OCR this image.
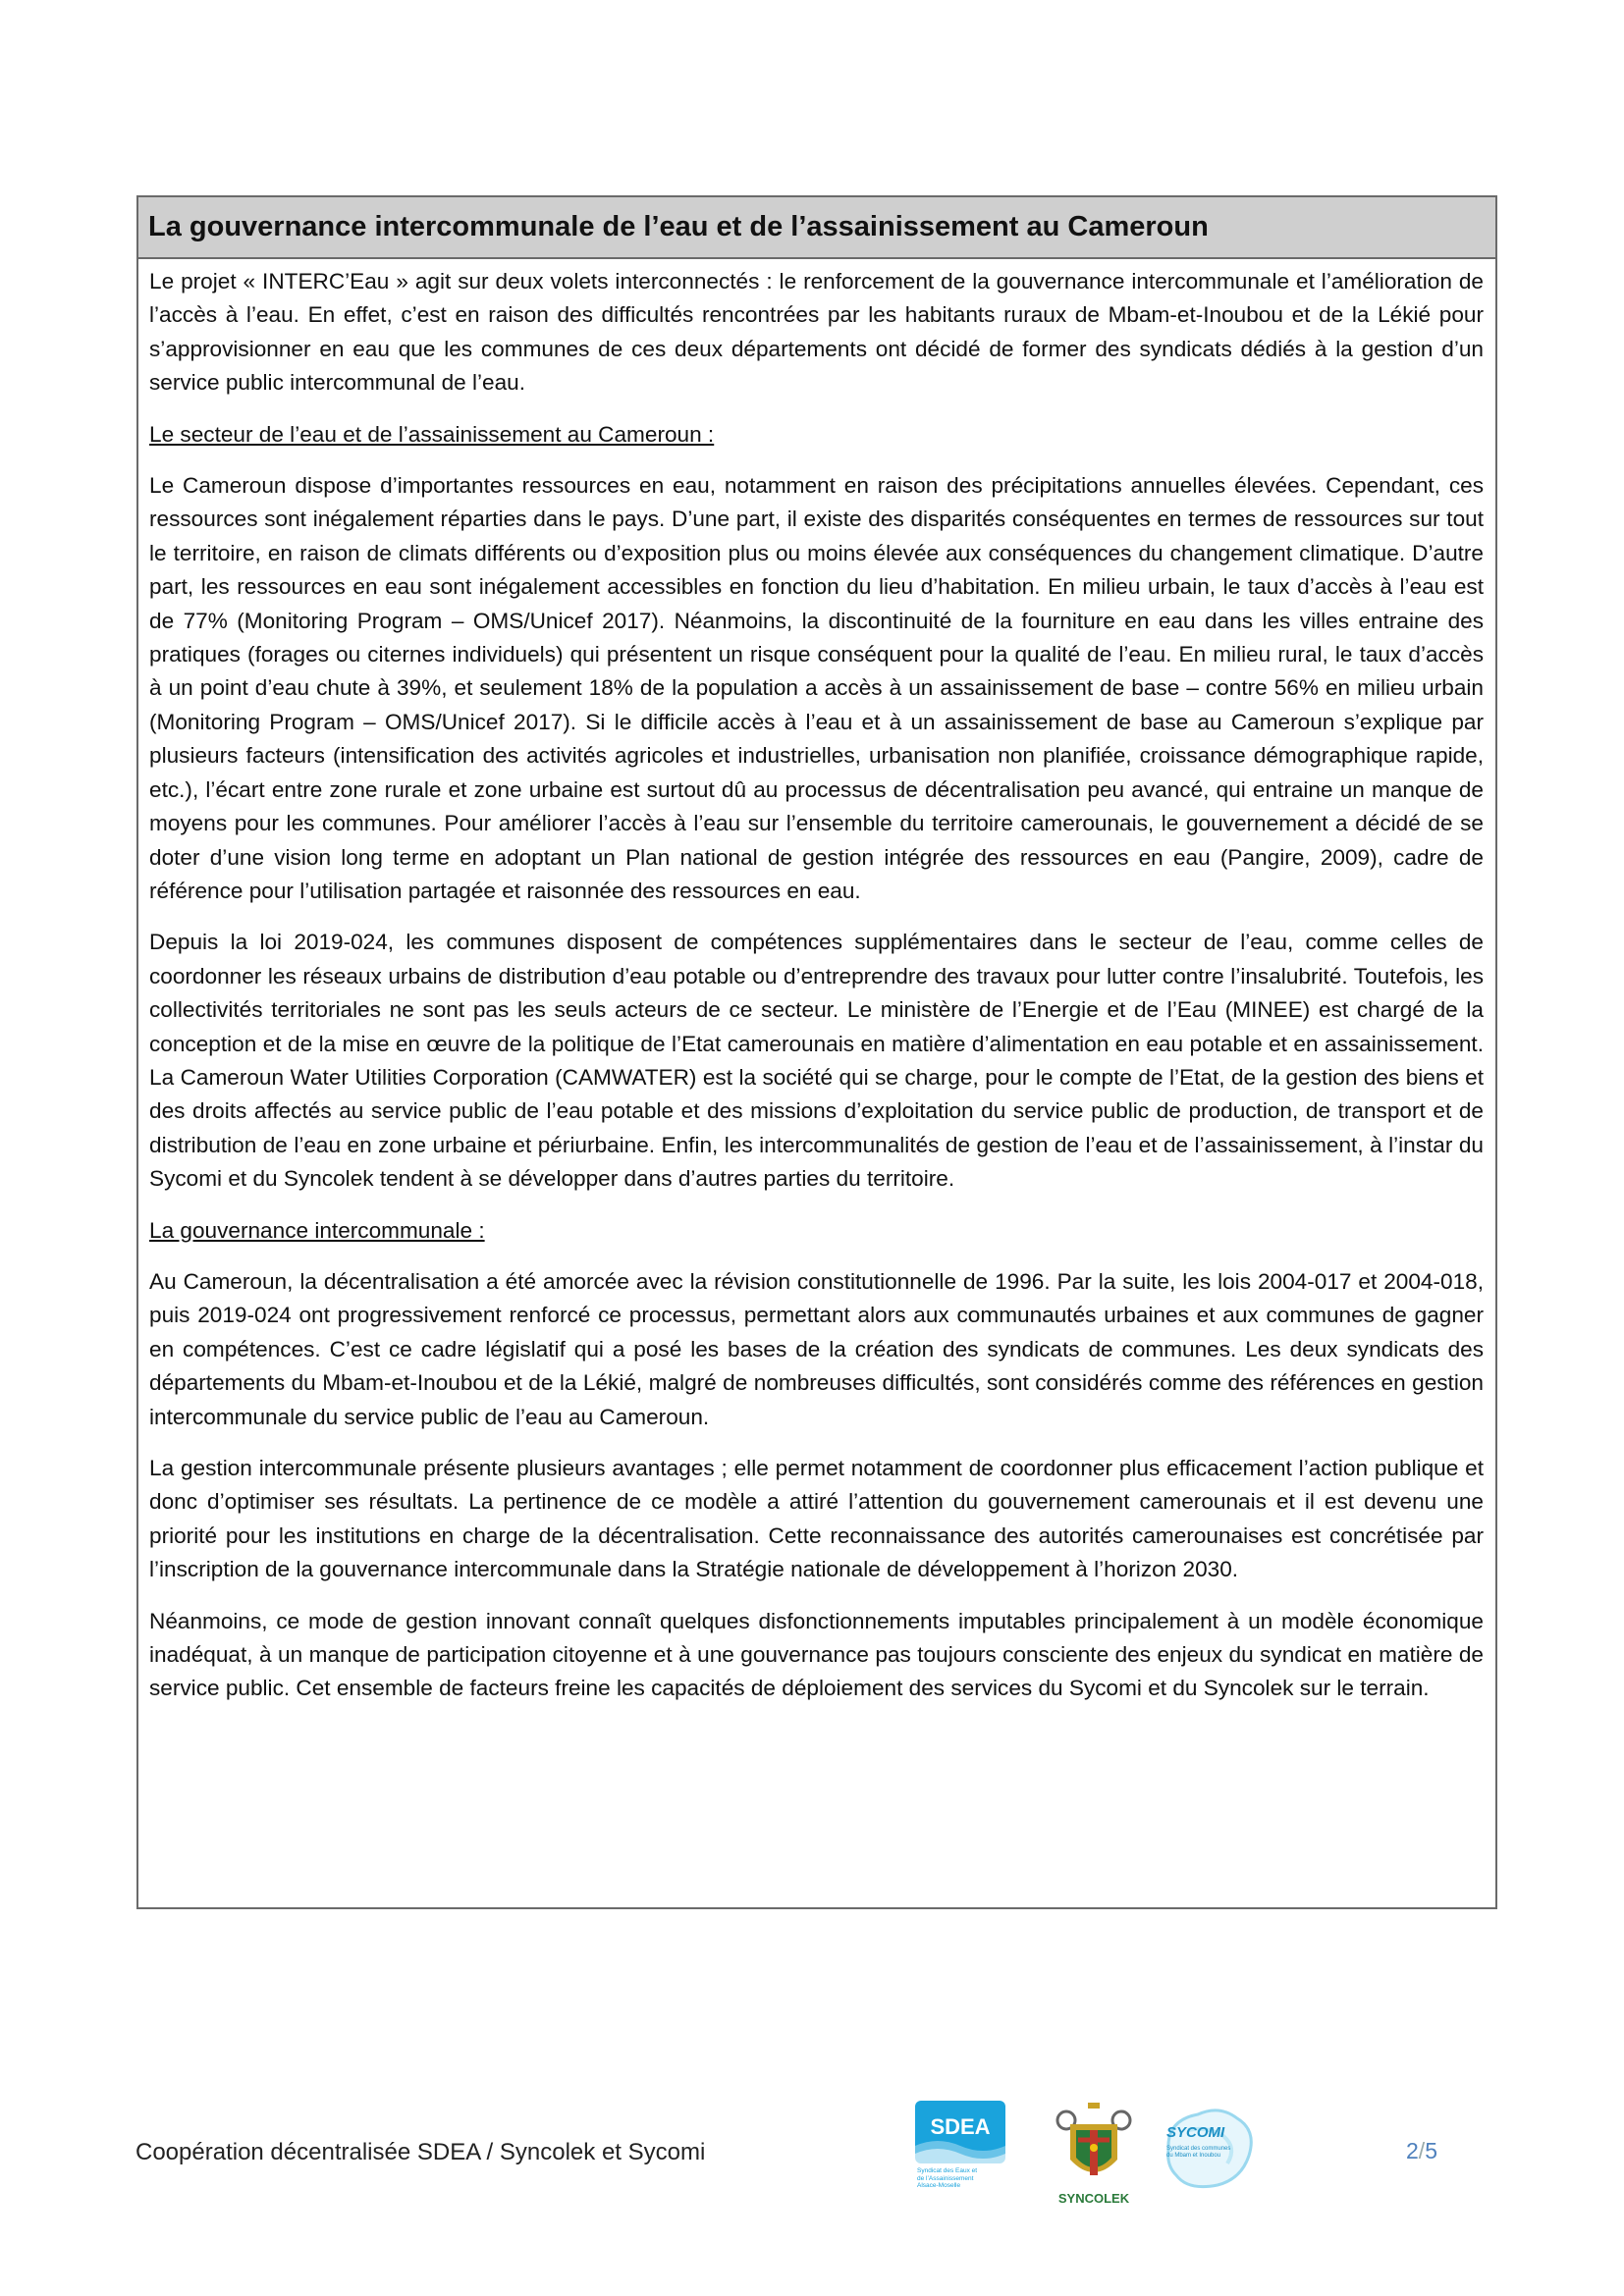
La gouvernance intercommunale de l’eau et de l’assainissement au Cameroun

Le projet « INTERC’Eau » agit sur deux volets interconnectés : le renforcement de la gouvernance intercommunale et l’amélioration de l’accès à l’eau. En effet, c’est en raison des difficultés rencontrées par les habitants ruraux de Mbam-et-Inoubou et de la Lékié pour s’approvisionner en eau que les communes de ces deux départements ont décidé de former des syndicats dédiés à la gestion d’un service public intercommunal de l’eau.

Le secteur de l’eau et de l’assainissement au Cameroun :

Le Cameroun dispose d’importantes ressources en eau, notamment en raison des précipitations annuelles élevées. Cependant, ces ressources sont inégalement réparties dans le pays. D’une part, il existe des disparités conséquentes en termes de ressources sur tout le territoire, en raison de climats différents ou d’exposition plus ou moins élevée aux conséquences du changement climatique. D’autre part, les ressources en eau sont inégalement accessibles en fonction du lieu d’habitation. En milieu urbain, le taux d’accès à l’eau est de 77% (Monitoring Program – OMS/Unicef 2017). Néanmoins, la discontinuité de la fourniture en eau dans les villes entraine des pratiques (forages ou citernes individuels) qui présentent un risque conséquent pour la qualité de l’eau. En milieu rural, le taux d’accès à un point d’eau chute à 39%, et seulement 18% de la population a accès à un assainissement de base – contre 56% en milieu urbain (Monitoring Program – OMS/Unicef 2017). Si le difficile accès à l’eau et à un assainissement de base au Cameroun s’explique par plusieurs facteurs (intensification des activités agricoles et industrielles, urbanisation non planifiée, croissance démographique rapide, etc.), l’écart entre zone rurale et zone urbaine est surtout dû au processus de décentralisation peu avancé, qui entraine un manque de moyens pour les communes. Pour améliorer l’accès à l’eau sur l’ensemble du territoire camerounais, le gouvernement a décidé de se doter d’une vision long terme en adoptant un Plan national de gestion intégrée des ressources en eau (Pangire, 2009), cadre de référence pour l’utilisation partagée et raisonnée des ressources en eau.

Depuis la loi 2019-024, les communes disposent de compétences supplémentaires dans le secteur de l’eau, comme celles de coordonner les réseaux urbains de distribution d’eau potable ou d’entreprendre des travaux pour lutter contre l’insalubrité. Toutefois, les collectivités territoriales ne sont pas les seuls acteurs de ce secteur. Le ministère de l’Energie et de l’Eau (MINEE) est chargé de la conception et de la mise en œuvre de la politique de l’Etat camerounais en matière d’alimentation en eau potable et en assainissement. La Cameroun Water Utilities Corporation (CAMWATER) est la société qui se charge, pour le compte de l’Etat, de la gestion des biens et des droits affectés au service public de l’eau potable et des missions d’exploitation du service public de production, de transport et de distribution de l’eau en zone urbaine et périurbaine. Enfin, les intercommunalités de gestion de l’eau et de l’assainissement, à l’instar du Sycomi et du Syncolek tendent à se développer dans d’autres parties du territoire.

La gouvernance intercommunale :

Au Cameroun, la décentralisation a été amorcée avec la révision constitutionnelle de 1996. Par la suite, les lois 2004-017 et 2004-018, puis 2019-024 ont progressivement renforcé ce processus, permettant alors aux communautés urbaines et aux communes de gagner en compétences. C’est ce cadre législatif qui a posé les bases de la création des syndicats de communes. Les deux syndicats des départements du Mbam-et-Inoubou et de la Lékié, malgré de nombreuses difficultés, sont considérés comme des références en gestion intercommunale du service public de l’eau au Cameroun.

La gestion intercommunale présente plusieurs avantages ; elle permet notamment de coordonner plus efficacement l’action publique et donc d’optimiser ses résultats. La pertinence de ce modèle a attiré l’attention du gouvernement camerounais et il est devenu une priorité pour les institutions en charge de la décentralisation. Cette reconnaissance des autorités camerounaises est concrétisée par l’inscription de la gouvernance intercommunale dans la Stratégie nationale de développement à l’horizon 2030.

Néanmoins, ce mode de gestion innovant connaît quelques disfonctionnements imputables principalement à un modèle économique inadéquat, à un manque de participation citoyenne et à une gouvernance pas toujours consciente des enjeux du syndicat en matière de service public. Cet ensemble de facteurs freine les capacités de déploiement des services du Sycomi et du Syncolek sur le terrain.

Coopération décentralisée SDEA / Syncolek et Sycomi
SDEA
Syndicat des Eaux et de l’Assainissement Alsace-Moselle
SYNCOLEK
SYCOMI
Syndicat des communes du Mbam et Inoubou	2/5
